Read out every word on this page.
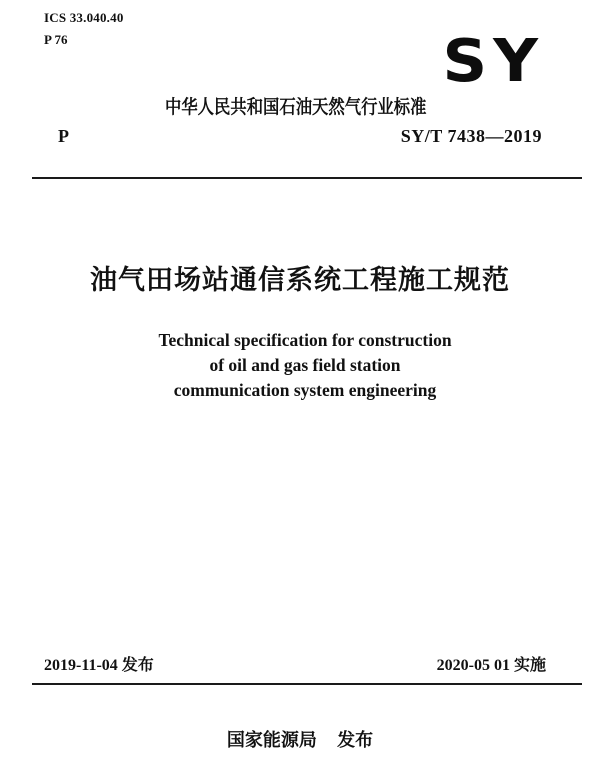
ICS 33.040.40
P 76	SY
中华人民共和国石油天然气行业标准
P	SY/T 7438—2019
油气田场站通信系统工程施工规范
Technical specification for construction
of oil and gas field station
communication system engineering
2019-11-04 发布	2020-05 01 实施
国家能源局 发布
